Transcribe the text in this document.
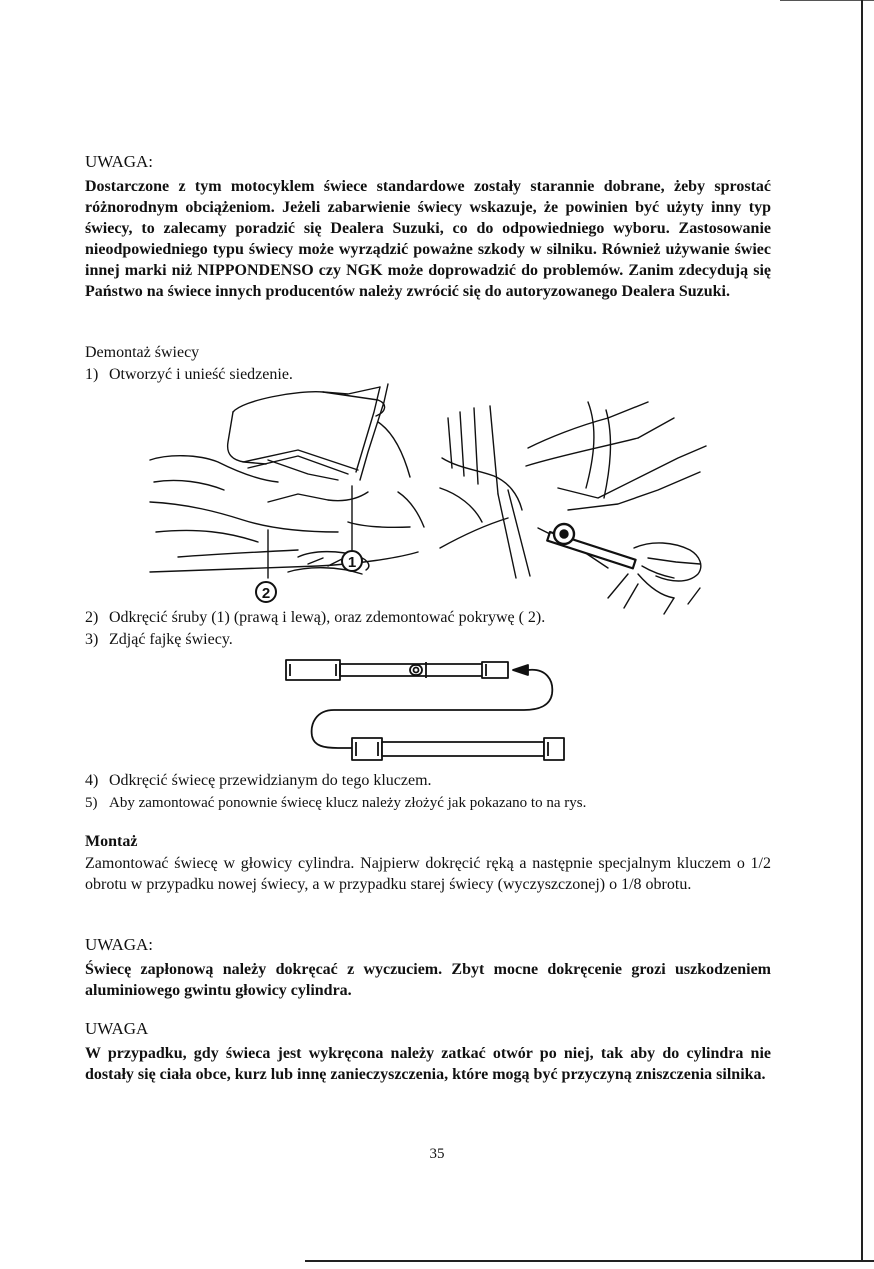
UWAGA:

Dostarczone z tym motocyklem świece standardowe zostały starannie dobrane, żeby sprostać różnorodnym obciążeniom. Jeżeli zabarwienie świecy wskazuje, że powinien być użyty inny typ świecy, to zalecamy poradzić się Dealera Suzuki, co do odpowiedniego wyboru. Zastosowanie nieodpowiedniego typu świecy może wyrządzić poważne szkody w silniku. Również używanie świec innej marki niż NIPPONDENSO czy NGK może doprowadzić do problemów. Zanim zdecydują się Państwo na świece innych producentów należy zwrócić się do autoryzowanego Dealera Suzuki.

Demontaż świecy
1) Otworzyć i unieść siedzenie.
1
2
2) Odkręcić śruby (1) (prawą i lewą), oraz zdemontować pokrywę ( 2).
3) Zdjąć fajkę świecy.
4) Odkręcić świecę przewidzianym do tego kluczem.
5) Aby zamontować ponownie świecę klucz należy złożyć jak pokazano to na rys.

Montaż

Zamontować świecę w głowicy cylindra. Najpierw dokręcić ręką a następnie specjalnym kluczem o 1/2 obrotu w przypadku nowej świecy, a w przypadku starej świecy (wyczyszczonej) o 1/8 obrotu.

UWAGA:

Świecę zapłonową należy dokręcać z wyczuciem. Zbyt mocne dokręcenie grozi uszkodzeniem aluminiowego gwintu głowicy cylindra.

UWAGA

W przypadku, gdy świeca jest wykręcona należy zatkać otwór po niej, tak aby do cylindra nie dostały się ciała obce, kurz lub innę zanieczyszczenia, które mogą być przyczyną zniszczenia silnika.

35
